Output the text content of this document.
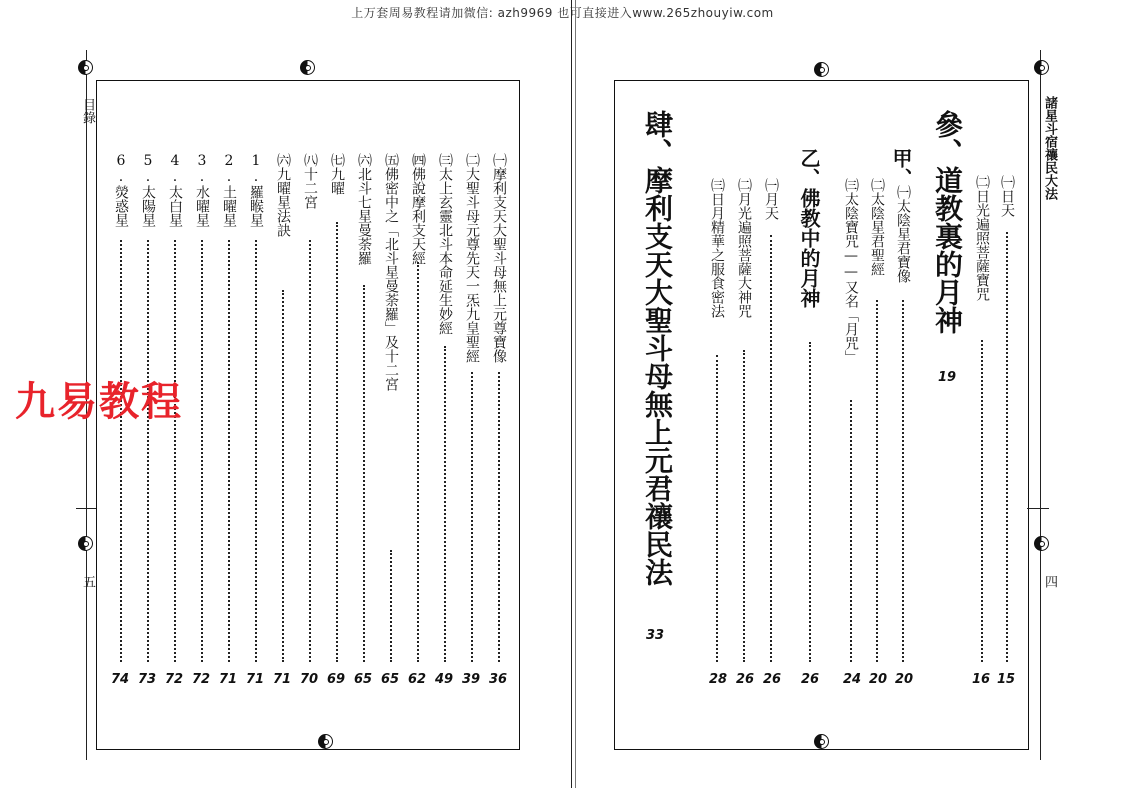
上万套周易教程请加微信: azh9969 也可直接进入www.265zhouyiw.com
目錄
五
諸星斗宿禳民大法
四
㈠摩利支天大聖斗母無上元尊寶像
36
㈡大聖斗母元尊先天一炁九皇聖經
39
㈢太上玄靈北斗本命延生妙經
49
㈣佛說摩利支天經
62
㈤佛密中之「北斗星曼荼羅」及十二宮
65
㈥北斗七星曼荼羅
65
㈦九曜
69
㈧十二宮
70
㈥九曜星法訣
71
1.羅睺星
71
2.土曜星
71
3.水曜星
72
4.太白星
72
5.太陽星
73
6.熒惑星
74
九易教程
㈠日天
15
㈡日光遍照菩薩寶咒
16
參、道教裏的月神
19
甲、
㈠太陰星君寶像
20
㈡太陰星君聖經
20
㈢太陰寶咒——又名「月咒」
24
乙、佛教中的月神
26
㈠月天
26
㈡月光遍照菩薩大神咒
26
㈢日月精華之服食密法
28
肆、摩利支天大聖斗母無上元君禳民法
33
